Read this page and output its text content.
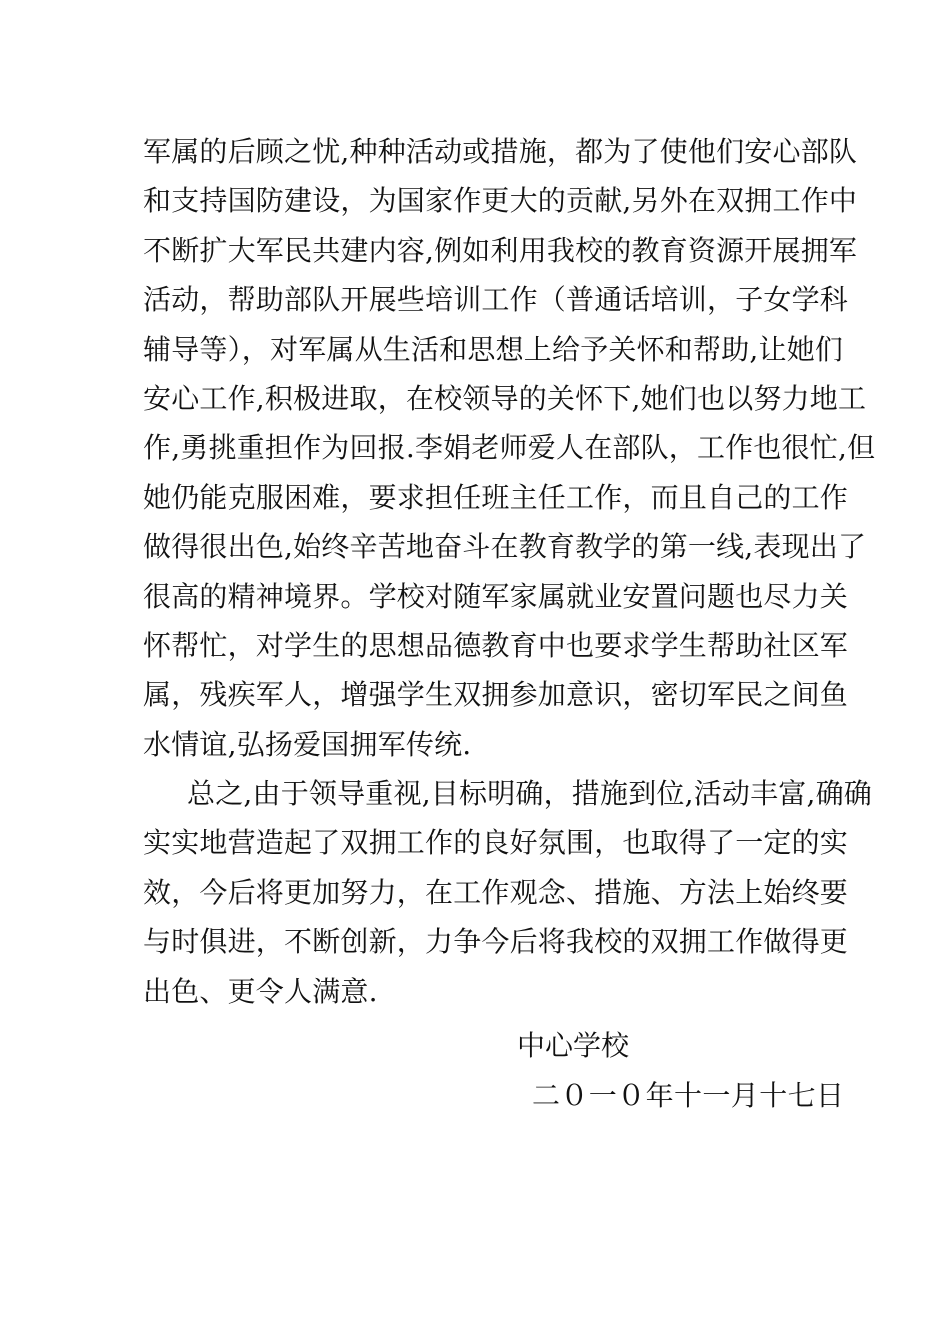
军属的后顾之忧,种种活动或措施，都为了使他们安心部队
和支持国防建设，为国家作更大的贡献,另外在双拥工作中
不断扩大军民共建内容,例如利用我校的教育资源开展拥军
活动，帮助部队开展些培训工作（普通话培训，子女学科
辅导等），对军属从生活和思想上给予关怀和帮助,让她们
安心工作,积极进取，在校领导的关怀下,她们也以努力地工
作,勇挑重担作为回报.李娟老师爱人在部队，工作也很忙,但
她仍能克服困难，要求担任班主任工作，而且自己的工作
做得很出色,始终辛苦地奋斗在教育教学的第一线,表现出了
很高的精神境界。学校对随军家属就业安置问题也尽力关
怀帮忙，对学生的思想品德教育中也要求学生帮助社区军
属，残疾军人，增强学生双拥参加意识，密切军民之间鱼
水情谊,弘扬爱国拥军传统.
总之,由于领导重视,目标明确，措施到位,活动丰富,确确
实实地营造起了双拥工作的良好氛围，也取得了一定的实
效，今后将更加努力，在工作观念、措施、方法上始终要
与时俱进，不断创新，力争今后将我校的双拥工作做得更
出色、更令人满意.
中心学校
二０一０年十一月十七日
